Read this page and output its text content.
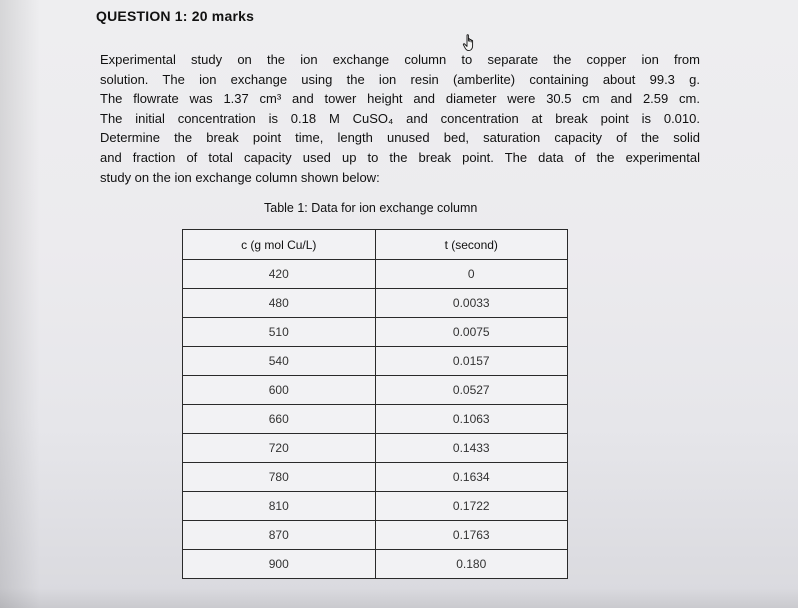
QUESTION 1: 20 marks

Experimental study on the ion exchange column to separate the copper ion from
solution. The ion exchange using the ion resin (amberlite) containing about 99.3 g.
The flowrate was 1.37 cm³ and tower height and diameter were 30.5 cm and 2.59 cm.
The initial concentration is 0.18 M CuSO₄ and concentration at break point is 0.010.
Determine the break point time, length unused bed, saturation capacity of the solid
and fraction of total capacity used up to the break point. The data of the experimental
study on the ion exchange column shown below:

Table 1: Data for ion exchange column
c (g mol Cu/L)	t (second)
420	0
480	0.0033
510	0.0075
540	0.0157
600	0.0527
660	0.1063
720	0.1433
780	0.1634
810	0.1722
870	0.1763
900	0.180
